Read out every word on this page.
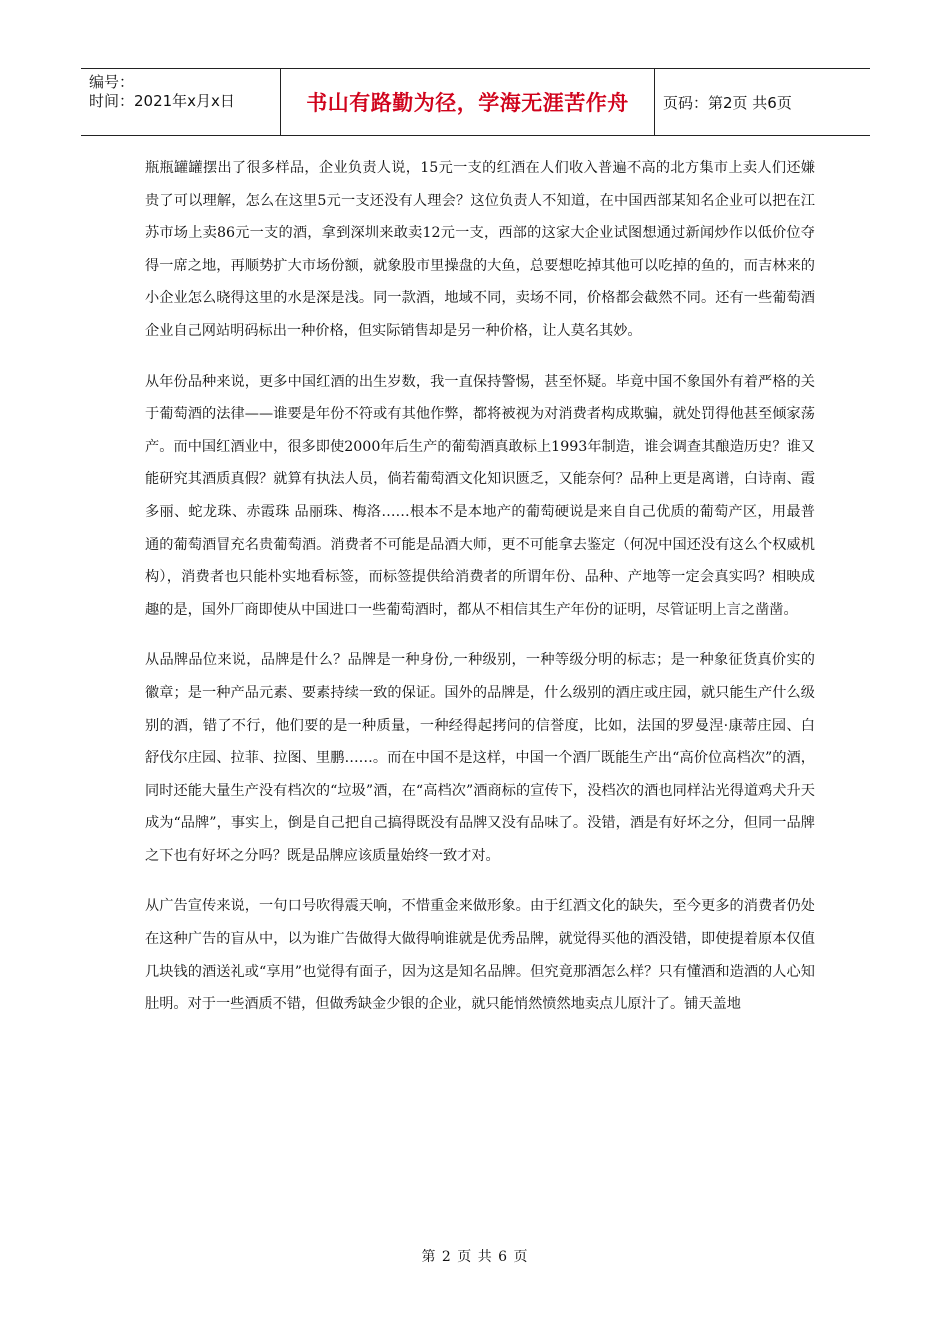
编号：
时间：2021年x月x日	书山有路勤为径，学海无涯苦作舟	页码：第2页 共6页

瓶瓶罐罐摆出了很多样品，企业负责人说，15元一支的红酒在人们收入普遍不高的北方集市上卖人们还嫌贵了可以理解，怎么在这里5元一支还没有人理会？这位负责人不知道，在中国西部某知名企业可以把在江苏市场上卖86元一支的酒，拿到深圳来敢卖12元一支，西部的这家大企业试图想通过新闻炒作以低价位夺得一席之地，再顺势扩大市场份额，就象股市里操盘的大鱼，总要想吃掉其他可以吃掉的鱼的，而吉林来的小企业怎么晓得这里的水是深是浅。同一款酒，地域不同，卖场不同，价格都会截然不同。还有一些葡萄酒企业自己网站明码标出一种价格，但实际销售却是另一种价格，让人莫名其妙。

从年份品种来说，更多中国红酒的出生岁数，我一直保持警惕，甚至怀疑。毕竟中国不象国外有着严格的关于葡萄酒的法律——谁要是年份不符或有其他作弊，都将被视为对消费者构成欺骗，就处罚得他甚至倾家荡产。而中国红酒业中，很多即使2000年后生产的葡萄酒真敢标上1993年制造，谁会调查其酿造历史？谁又能研究其酒质真假？就算有执法人员，倘若葡萄酒文化知识匮乏，又能奈何？品种上更是离谱，白诗南、霞多丽、蛇龙珠、赤霞珠 品丽珠、梅洛……根本不是本地产的葡萄硬说是来自自己优质的葡萄产区，用最普通的葡萄酒冒充名贵葡萄酒。消费者不可能是品酒大师，更不可能拿去鉴定（何况中国还没有这么个权威机构），消费者也只能朴实地看标签，而标签提供给消费者的所谓年份、品种、产地等一定会真实吗？相映成趣的是，国外厂商即使从中国进口一些葡萄酒时，都从不相信其生产年份的证明，尽管证明上言之凿凿。

从品牌品位来说，品牌是什么？品牌是一种身份,一种级别，一种等级分明的标志；是一种象征货真价实的徽章；是一种产品元素、要素持续一致的保证。国外的品牌是，什么级别的酒庄或庄园，就只能生产什么级别的酒，错了不行，他们要的是一种质量，一种经得起拷问的信誉度，比如，法国的罗曼涅·康蒂庄园、白舒伐尔庄园、拉菲、拉图、里鹏……。而在中国不是这样，中国一个酒厂既能生产出“高价位高档次”的酒，同时还能大量生产没有档次的“垃圾”酒，在“高档次”酒商标的宣传下，没档次的酒也同样沾光得道鸡犬升天成为“品牌”，事实上，倒是自己把自己搞得既没有品牌又没有品味了。没错，酒是有好坏之分，但同一品牌之下也有好坏之分吗？既是品牌应该质量始终一致才对。

从广告宣传来说，一句口号吹得震天响，不惜重金来做形象。由于红酒文化的缺失，至今更多的消费者仍处在这种广告的盲从中，以为谁广告做得大做得响谁就是优秀品牌，就觉得买他的酒没错，即使提着原本仅值几块钱的酒送礼或“享用”也觉得有面子，因为这是知名品牌。但究竟那酒怎么样？只有懂酒和造酒的人心知肚明。对于一些酒质不错，但做秀缺金少银的企业，就只能悄然愤然地卖点儿原汁了。铺天盖地

第 2 页 共 6 页
